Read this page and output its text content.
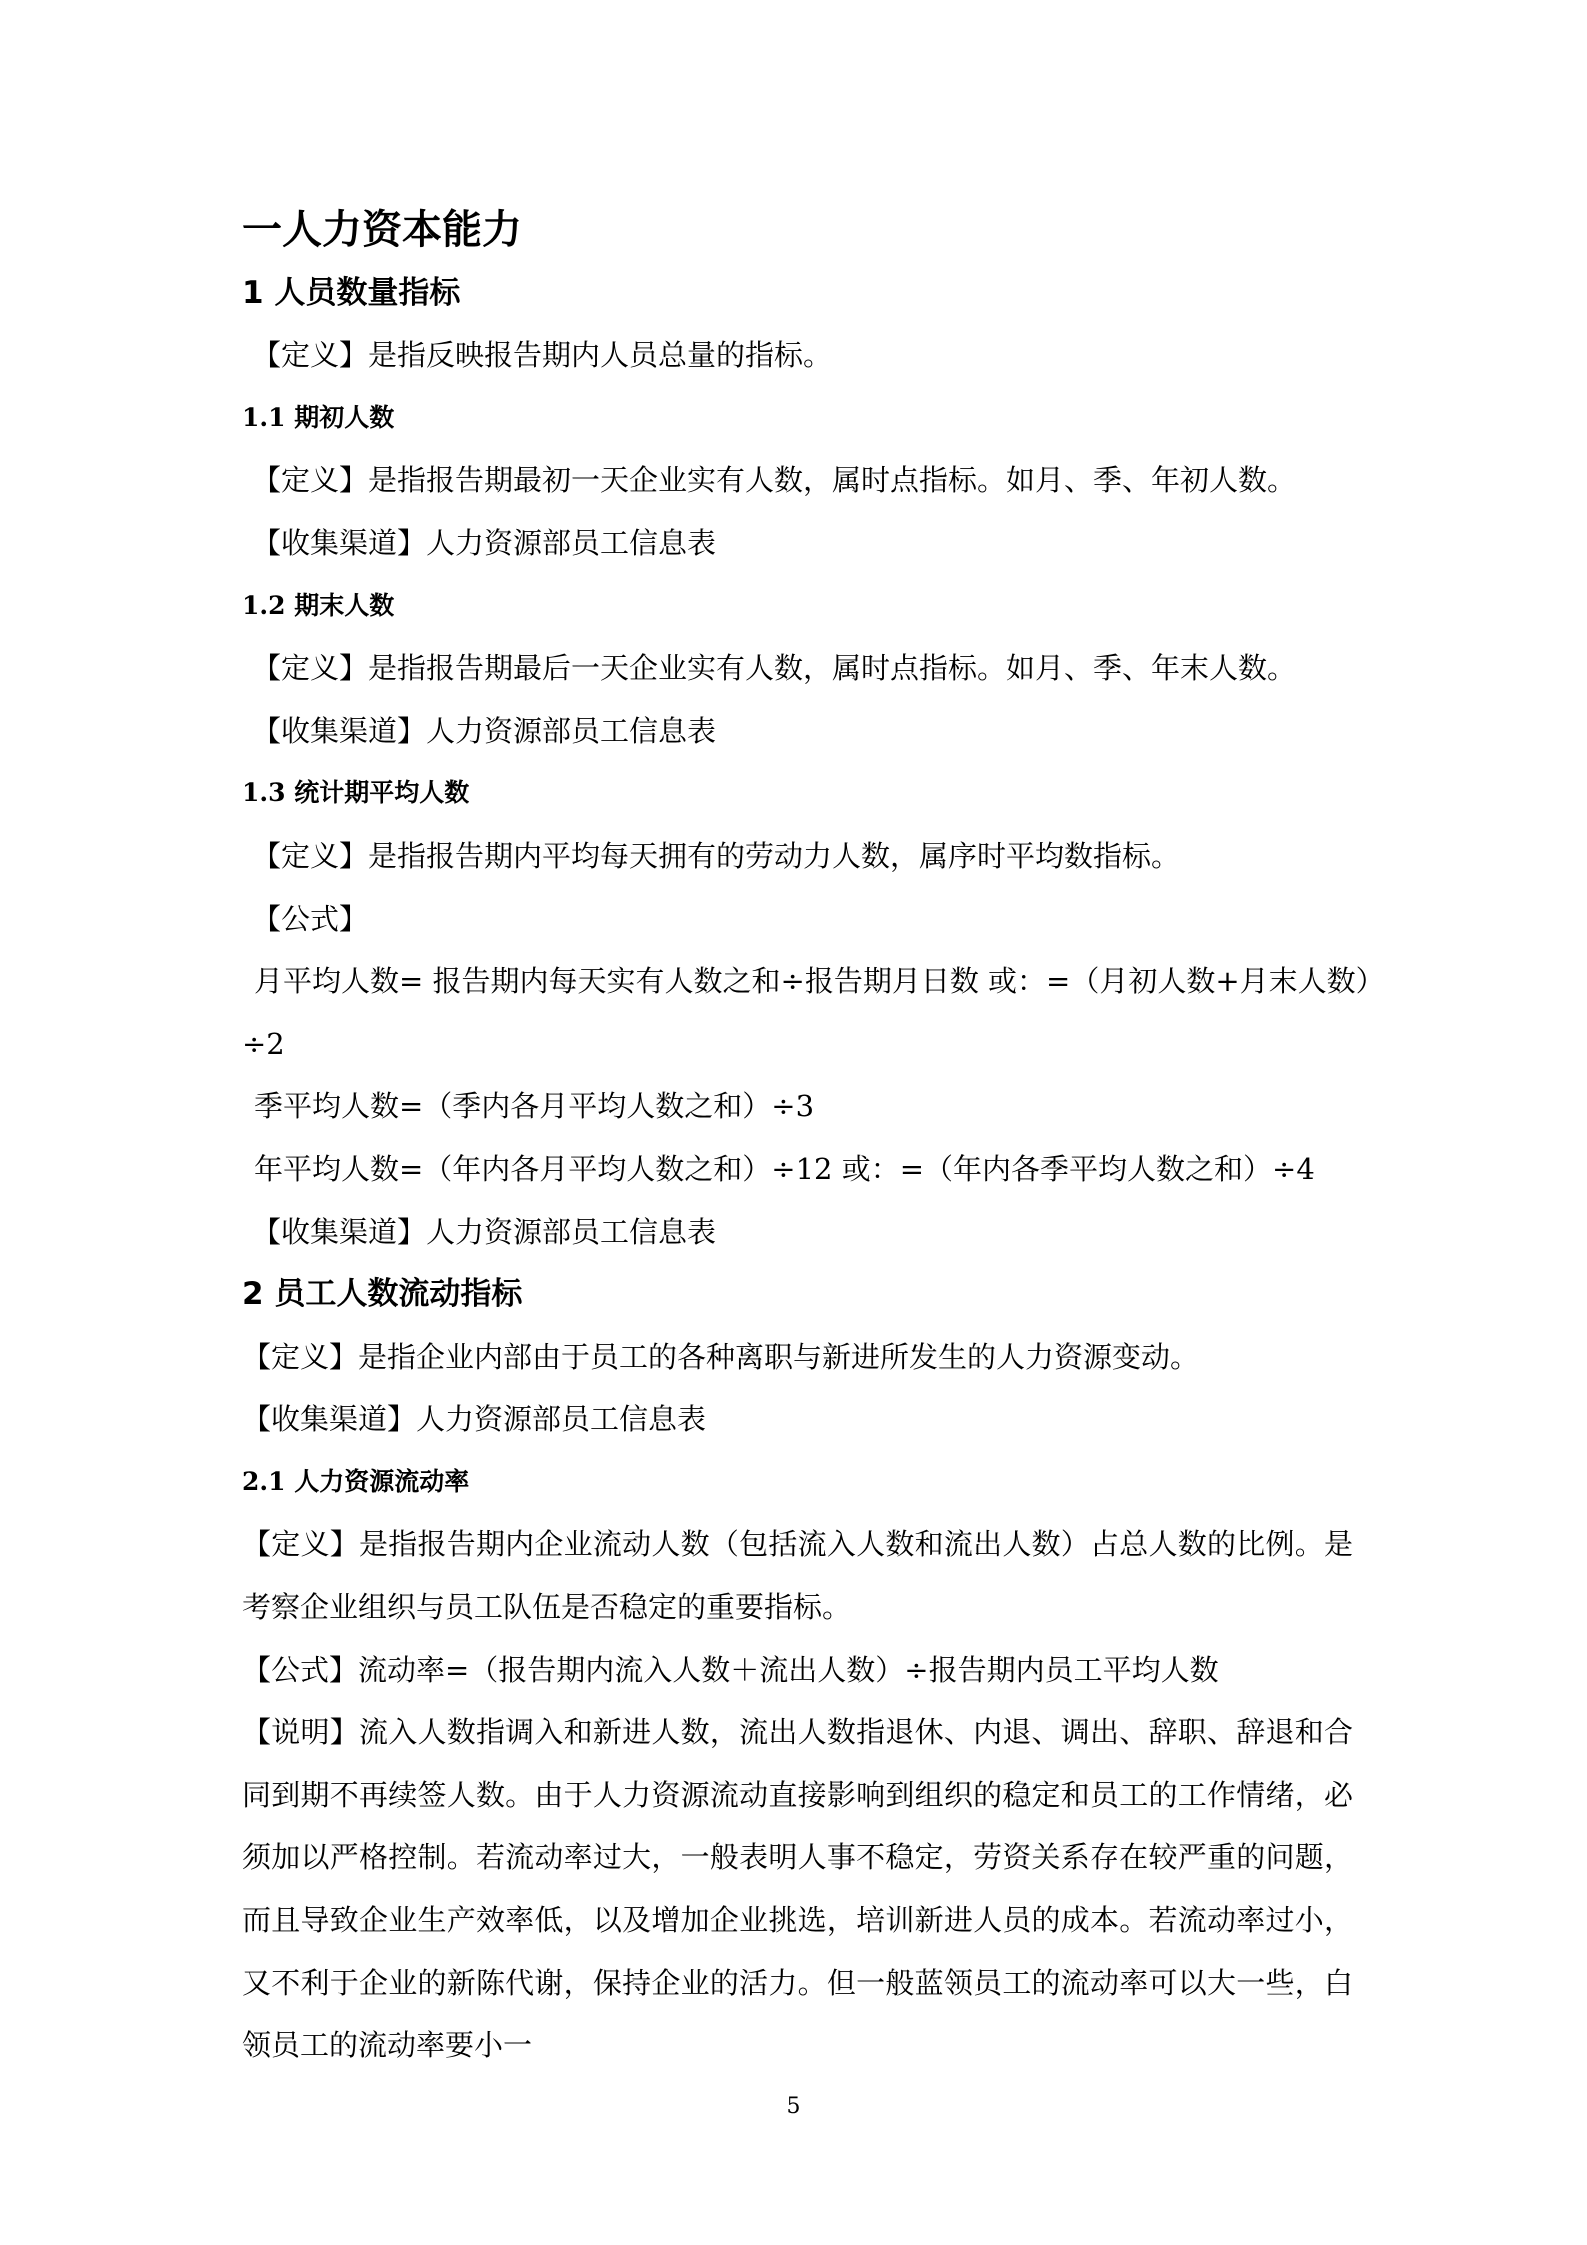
一人力资本能力
1 人员数量指标
【定义】是指反映报告期内人员总量的指标。
1.1 期初人数
【定义】是指报告期最初一天企业实有人数，属时点指标。如月、季、年初人数。
【收集渠道】人力资源部员工信息表
1.2 期末人数
【定义】是指报告期最后一天企业实有人数，属时点指标。如月、季、年末人数。
【收集渠道】人力资源部员工信息表
1.3 统计期平均人数
【定义】是指报告期内平均每天拥有的劳动力人数，属序时平均数指标。
【公式】
月平均人数= 报告期内每天实有人数之和÷报告期月日数 或：=（月初人数+月末人数）
÷2
季平均人数=（季内各月平均人数之和）÷3
年平均人数=（年内各月平均人数之和）÷12 或：=（年内各季平均人数之和）÷4
【收集渠道】人力资源部员工信息表
2 员工人数流动指标
【定义】是指企业内部由于员工的各种离职与新进所发生的人力资源变动。
【收集渠道】人力资源部员工信息表
2.1 人力资源流动率
【定义】是指报告期内企业流动人数（包括流入人数和流出人数）占总人数的比例。是考察企业组织与员工队伍是否稳定的重要指标。
【公式】流动率=（报告期内流入人数＋流出人数）÷报告期内员工平均人数
【说明】流入人数指调入和新进人数，流出人数指退休、内退、调出、辞职、辞退和合同到期不再续签人数。由于人力资源流动直接影响到组织的稳定和员工的工作情绪，必须加以严格控制。若流动率过大，一般表明人事不稳定，劳资关系存在较严重的问题，而且导致企业生产效率低，以及增加企业挑选，培训新进人员的成本。若流动率过小，又不利于企业的新陈代谢，保持企业的活力。但一般蓝领员工的流动率可以大一些，白领员工的流动率要小一
5
